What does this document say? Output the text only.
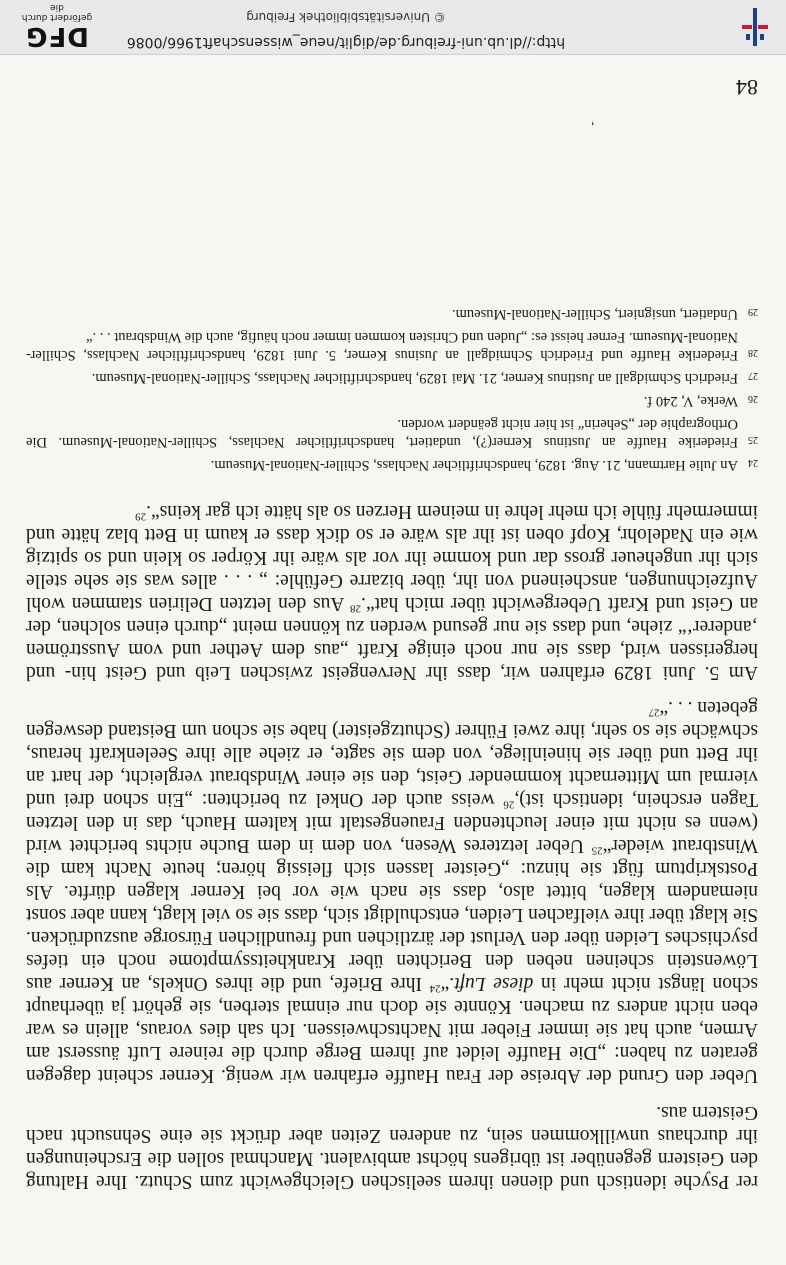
rer Psyche identisch und dienen ihrem seelischen Gleichgewicht zum Schutz. Ihre Haltung den Geistern gegenüber ist übrigens höchst ambivalent. Manchmal sollen die Erscheinungen ihr durchaus unwillkommen sein, zu anderen Zeiten aber drückt sie eine Sehnsucht nach Geistern aus.

Ueber den Grund der Abreise der Frau Hauffe erfahren wir wenig. Kerner scheint dagegen geraten zu haben: „Die Hauffe leidet auf ihrem Berge durch die reinere Luft äusserst am Armen, auch hat sie immer Fieber mit Nachtschweissen. Ich sah dies voraus, allein es war eben nicht anders zu machen. Könnte sie doch nur einmal sterben, sie gehört ja überhaupt schon längst nicht mehr in diese Luft.“$^{24}$ Ihre Briefe, und die ihres Onkels, an Kerner aus Löwenstein scheinen neben den Berichten über Krankheitssymptome noch ein tiefes psychisches Leiden über den Verlust der ärztlichen und freundlichen Fürsorge auszudrücken. Sie klagt über ihre vielfachen Leiden, entschuldigt sich, dass sie so viel klagt, kann aber sonst niemandem klagen, bittet also, dass sie nach wie vor bei Kerner klagen dürfte. Als Postskriptum fügt sie hinzu: „Geister lassen sich fleissig hören; heute Nacht kam die Winstbraut wieder“$^{25}$ Ueber letzteres Wesen, von dem in dem Buche nichts berichtet wird (wenn es nicht mit einer leuchtenden Frauengestalt mit kaltem Hauch, das in den letzten Tagen erschein, identisch ist),$^{26}$ weiss auch der Onkel zu berichten: „Ein schon drei und viermal um Mitternacht kommender Geist, den sie einer Windsbraut vergleicht, der hart an ihr Bett und über sie hineinliege, von dem sie sagte, er ziehe alle ihre Seelenkraft heraus, schwäche sie so sehr, ihre zwei Führer (Schutzgeister) habe sie schon um Beistand deswegen gebeten . . .“$^{27}$

Am 5. Juni 1829 erfahren wir, dass ihr Nervengeist zwischen Leib und Geist hin- und hergerissen wird, dass sie nur noch einige Kraft „aus dem Aether und vom Ausströmen ‚anderer‘“ ziehe, und dass sie nur gesund werden zu können meint „durch einen solchen, der an Geist und Kraft Uebergewicht über mich hat“.$^{28}$ Aus den letzten Delirien stammen wohl Aufzeichnungen, anscheinend von ihr, über bizarre Gefühle: „ . . . alles was sie sehe stelle sich ihr ungeheuer gross dar und komme ihr vor als wäre ihr Körper so klein und so spitzig wie ein Nadelohr, Kopf oben ist ihr als wäre er so dick dass er kaum in Bett blaz hätte und immermehr fühle ich mehr lehre in meinem Herzen so als hätte ich gar keins“.$^{29}$

24
An Julie Hartmann, 21. Aug. 1829, handschriftlicher Nachlass, Schiller-National-Museum.

25
Friederike Hauffe an Justinus Kerner(?), undatiert, handschriftlicher Nachlass, Schiller-National-Museum. Die Orthographie der „Seherin“ ist hier nicht geändert worden.

26
Werke, V, 240 f.

27
Friedrich Schmidgall an Justinus Kerner, 21. Mai 1829, handschriftlicher Nachlass, Schiller-National-Museum.

28
Friederike Hauffe und Friedrich Schmidgall an Jusinus Kerner, 5. Juni 1829, handschriftlicher Nachlass, Schiller-National-Museum. Ferner heisst es: „Juden und Christen kommen immer noch häufig, auch die Windsbraut . . .“

29
Undatiert, unsigniert, Schiller-National-Museum.

'
84
http://dl.ub.uni-freiburg.de/diglit/neue_wissenschaft1966/0086
© Universitätsbibliothek Freiburg
DFG
gefördert durch die
